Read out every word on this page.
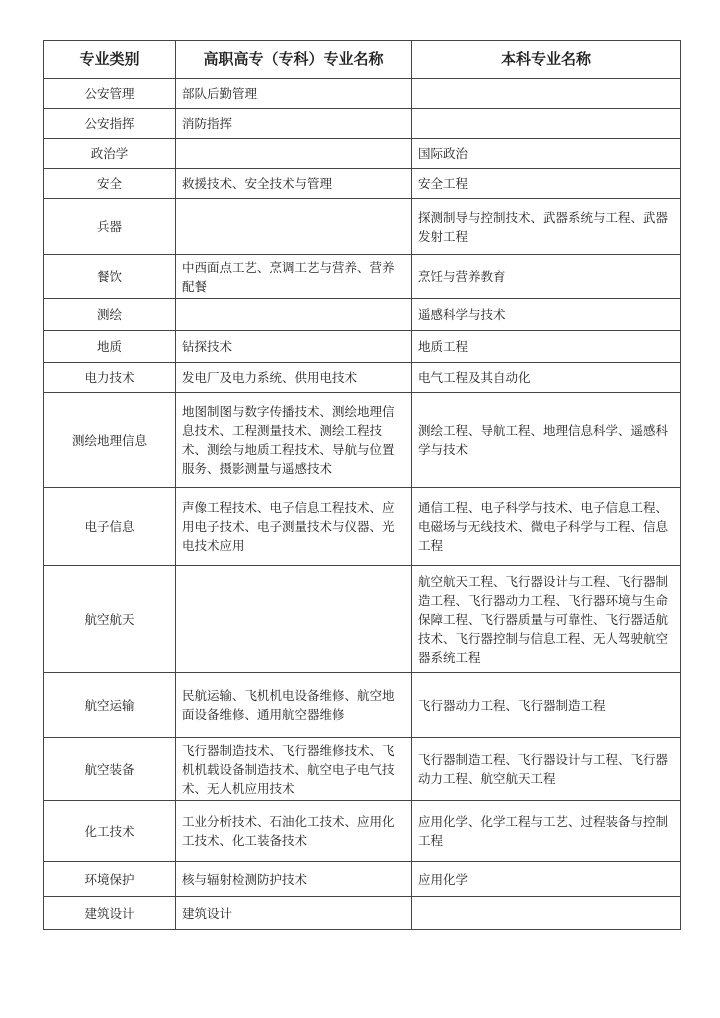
专业类别	高职高专（专科）专业名称	本科专业名称
公安管理	部队后勤管理	
公安指挥	消防指挥	
政治学		国际政治
安全	救援技术、安全技术与管理	安全工程
兵器		探测制导与控制技术、武器系统与工程、武器发射工程
餐饮	中西面点工艺、烹调工艺与营养、营养配餐	烹饪与营养教育
测绘		遥感科学与技术
地质	钻探技术	地质工程
电力技术	发电厂及电力系统、供用电技术	电气工程及其自动化
测绘地理信息	地图制图与数字传播技术、测绘地理信息技术、工程测量技术、测绘工程技术、测绘与地质工程技术、导航与位置服务、摄影测量与遥感技术	测绘工程、导航工程、地理信息科学、遥感科学与技术
电子信息	声像工程技术、电子信息工程技术、应用电子技术、电子测量技术与仪器、光电技术应用	通信工程、电子科学与技术、电子信息工程、电磁场与无线技术、微电子科学与工程、信息工程
航空航天		航空航天工程、飞行器设计与工程、飞行器制造工程、飞行器动力工程、飞行器环境与生命保障工程、飞行器质量与可靠性、飞行器适航技术、飞行器控制与信息工程、无人驾驶航空器系统工程
航空运输	民航运输、飞机机电设备维修、航空地面设备维修、通用航空器维修	飞行器动力工程、飞行器制造工程
航空装备	飞行器制造技术、飞行器维修技术、飞机机载设备制造技术、航空电子电气技术、无人机应用技术	飞行器制造工程、飞行器设计与工程、飞行器动力工程、航空航天工程
化工技术	工业分析技术、石油化工技术、应用化工技术、化工装备技术	应用化学、化学工程与工艺、过程装备与控制工程
环境保护	核与辐射检测防护技术	应用化学
建筑设计	建筑设计	
